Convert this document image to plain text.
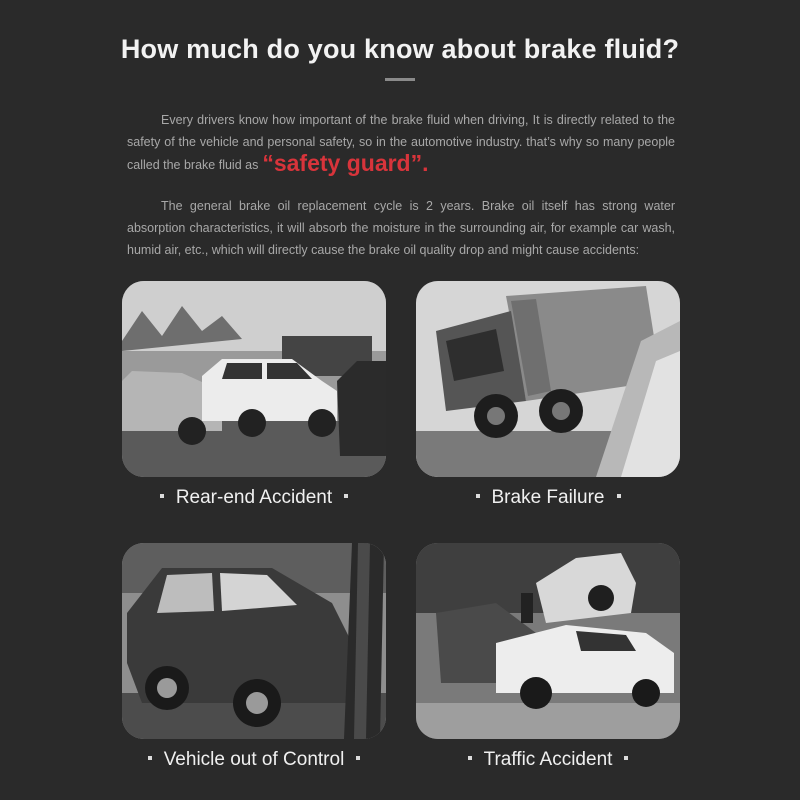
How much do you know about brake fluid?
Every drivers know how important of the brake fluid when driving, It is directly related to the safety of the vehicle and personal safety, so in the automotive industry. that’s why so many people called the brake fluid as “safety guard”.
The general brake oil replacement cycle is 2 years. Brake oil itself has strong water absorption characteristics, it will absorb the moisture in the surrounding air, for example car wash, humid air, etc., which will directly cause the brake oil quality drop and might cause accidents:
Rear-end Accident	Brake Failure
Vehicle out of Control	Traffic Accident
